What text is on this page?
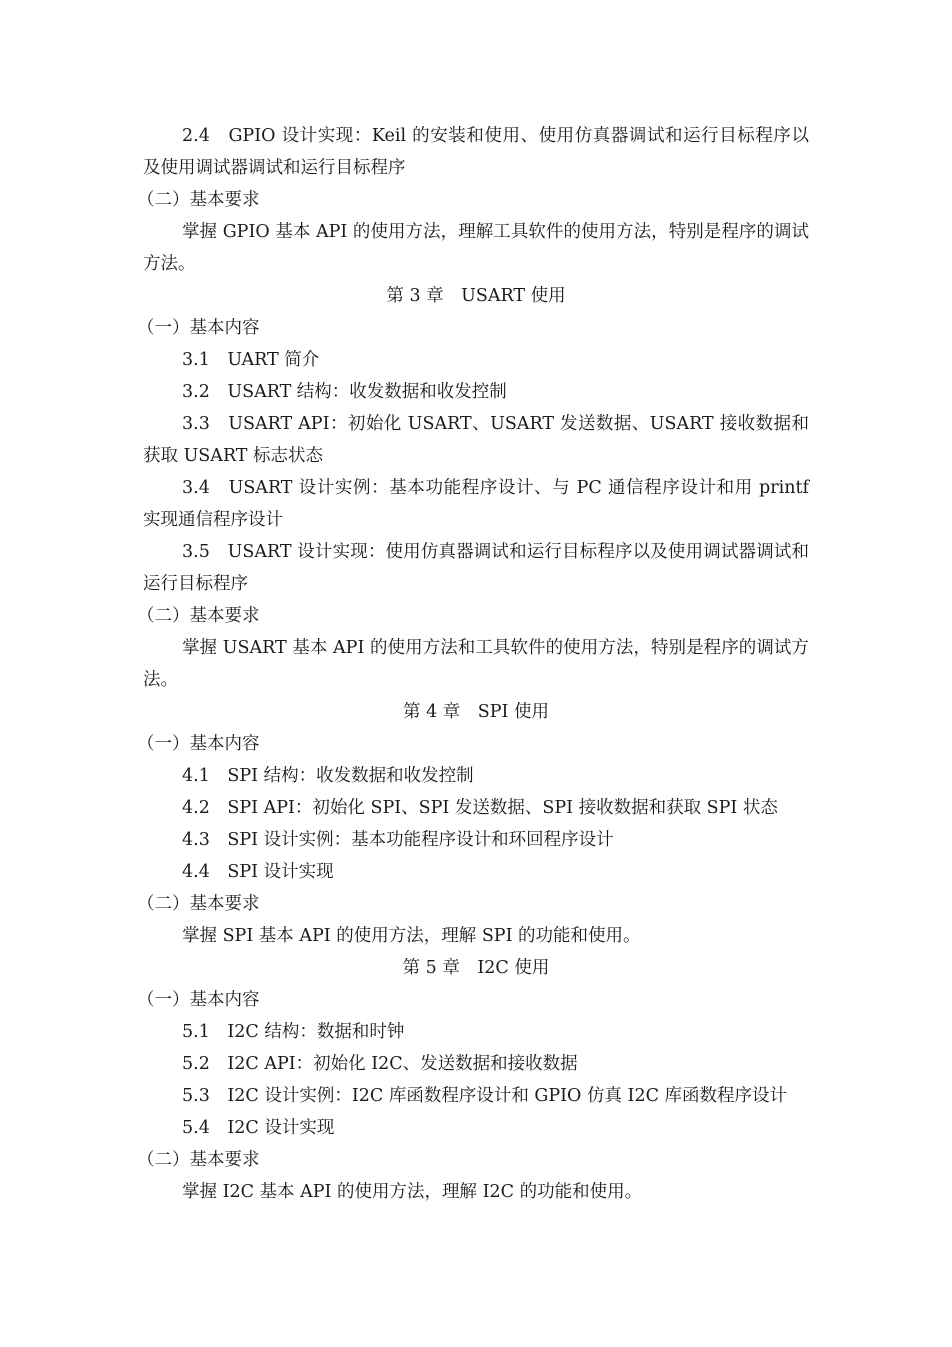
2.4　GPIO 设计实现：Keil 的安装和使用、使用仿真器调试和运行目标程序以及使用调试器调试和运行目标程序
（二）基本要求
掌握 GPIO 基本 API 的使用方法，理解工具软件的使用方法，特别是程序的调试方法。
第 3 章　USART 使用
（一）基本内容
3.1　UART 简介
3.2　USART 结构：收发数据和收发控制
3.3　USART API：初始化 USART、USART 发送数据、USART 接收数据和获取 USART 标志状态
3.4　USART 设计实例：基本功能程序设计、与 PC 通信程序设计和用 printf 实现通信程序设计
3.5　USART 设计实现：使用仿真器调试和运行目标程序以及使用调试器调试和运行目标程序
（二）基本要求
掌握 USART 基本 API 的使用方法和工具软件的使用方法，特别是程序的调试方法。
第 4 章　SPI 使用
（一）基本内容
4.1　SPI 结构：收发数据和收发控制
4.2　SPI API：初始化 SPI、SPI 发送数据、SPI 接收数据和获取 SPI 状态
4.3　SPI 设计实例：基本功能程序设计和环回程序设计
4.4　SPI 设计实现
（二）基本要求
掌握 SPI 基本 API 的使用方法，理解 SPI 的功能和使用。
第 5 章　I2C 使用
（一）基本内容
5.1　I2C 结构：数据和时钟
5.2　I2C API：初始化 I2C、发送数据和接收数据
5.3　I2C 设计实例：I2C 库函数程序设计和 GPIO 仿真 I2C 库函数程序设计
5.4　I2C 设计实现
（二）基本要求
掌握 I2C 基本 API 的使用方法，理解 I2C 的功能和使用。
